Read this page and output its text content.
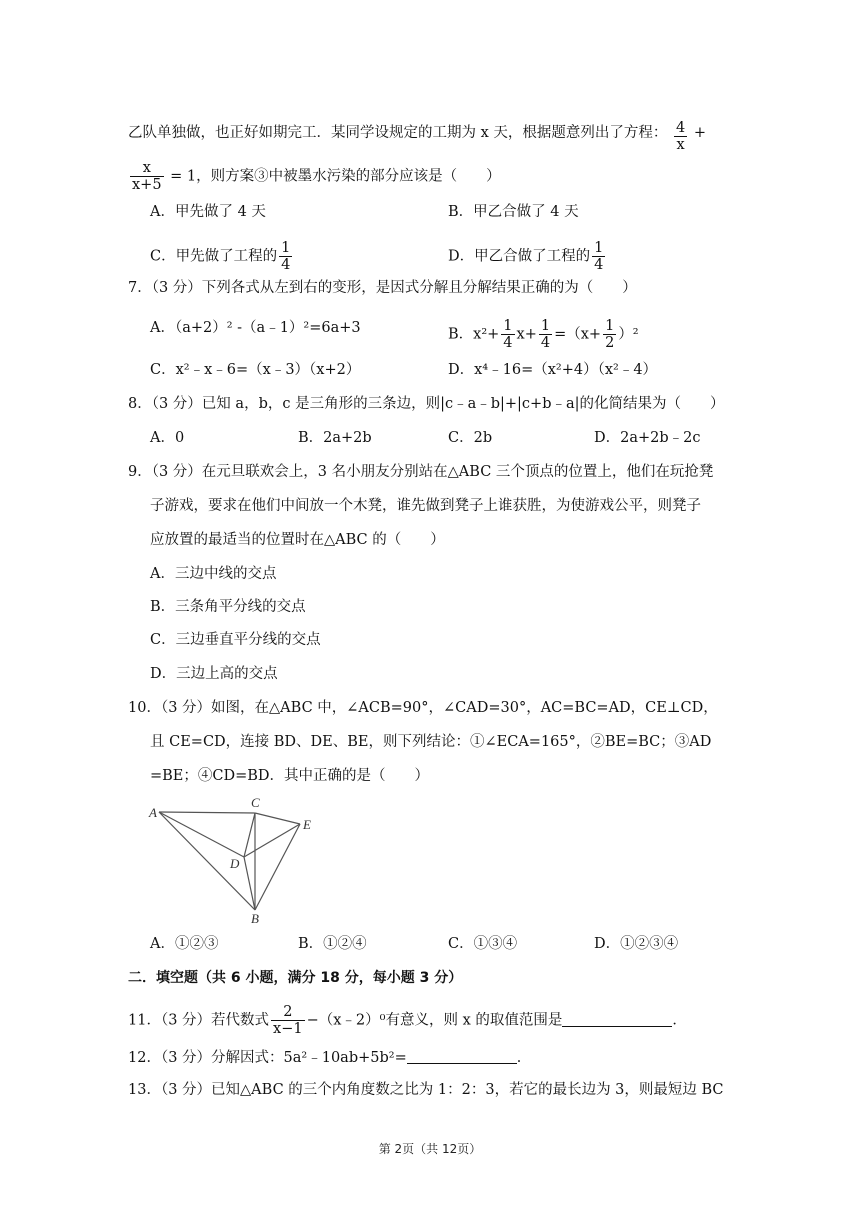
乙队单独做，也正好如期完工．某同学设规定的工期为 x 天，根据题意列出了方程： $\frac{4}{x}$ +
$\frac{x}{x+5} = 1$，则方案③中被墨水污染的部分应该是（　　）
A．甲先做了 4 天	B．甲乙合做了 4 天
C．甲先做了工程的 $\frac{1}{4}$	D．甲乙合做了工程的 $\frac{1}{4}$
7．（3 分）下列各式从左到右的变形，是因式分解且分解结果正确的为（　　）
A．（a+2）² ‐（a﹣1）²=6a+3	B．$x^2+ \frac{1}{4} x+ \frac{1}{4} =(x+ \frac{1}{2} )^2$
C．x²﹣x﹣6=（x﹣3）（x+2）	D．x⁴﹣16=（x²+4）（x²﹣4）
8．（3 分）已知 a，b，c 是三角形的三条边，则|c﹣a﹣b|+|c+b﹣a|的化简结果为（　　）
A．0	B．2a+2b	C．2b	D．2a+2b﹣2c
9．（3 分）在元旦联欢会上，3 名小朋友分别站在△ABC 三个顶点的位置上，他们在玩抢凳
子游戏，要求在他们中间放一个木凳，谁先做到凳子上谁获胜，为使游戏公平，则凳子
应放置的最适当的位置时在△ABC 的（　　）
A．三边中线的交点
B．三条角平分线的交点
C．三边垂直平分线的交点
D．三边上高的交点
10．（3 分）如图，在△ABC 中，∠ACB=90°，∠CAD=30°，AC=BC=AD，CE⊥CD，
且 CE=CD，连接 BD、DE、BE，则下列结论：①∠ECA=165°，②BE=BC；③AD
=BE；④CD=BD．其中正确的是（　　）
A
C
E
D
B
A．①②③	B．①②④	C．①③④	D．①②③④
二．填空题（共 6 小题，满分 18 分，每小题 3 分）
11．（3 分）若代数式 $\frac{2}{x-1}$ −（x﹣2）⁰有意义，则 x 的取值范围是	．
12．（3 分）分解因式：5a²﹣10ab+5b²=	．
13．（3 分）已知△ABC 的三个内角度数之比为 1：2：3，若它的最长边为 3，则最短边 BC
第 2页（共 12页）
